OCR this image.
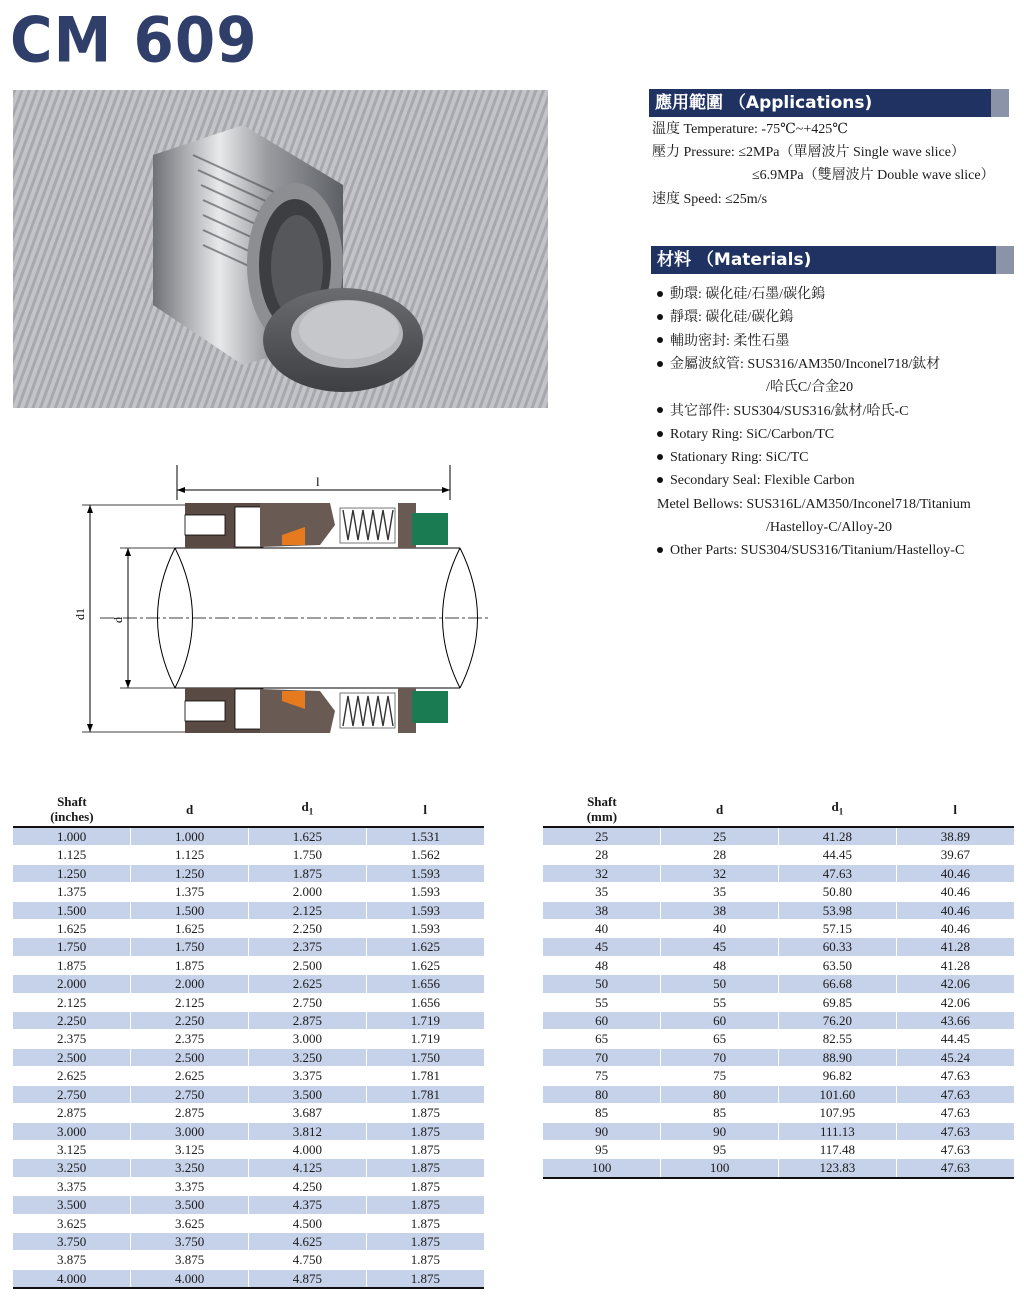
CM 609
應用範圍 （Applications)
溫度 Temperature: -75℃~+425℃
壓力 Pressure: ≤2MPa（單層波片 Single wave slice）
≤6.9MPa（雙層波片 Double wave slice）
速度 Speed: ≤25m/s
材料 （Materials)
動環: 碳化硅/石墨/碳化鎢
靜環: 碳化硅/碳化鎢
輔助密封: 柔性石墨
金屬波紋管: SUS316/AM350/Inconel718/鈦材
/哈氏C/合金20
其它部件: SUS304/SUS316/鈦材/哈氏-C
Rotary Ring: SiC/Carbon/TC
Stationary Ring: SiC/TC
Secondary Seal: Flexible Carbon
Metel Bellows: SUS316L/AM350/Inconel718/Titanium
/Hastelloy-C/Alloy-20
Other Parts: SUS304/SUS316/Titanium/Hastelloy-C
l
d1 d
Shaft
(inches)	d	$d_1$	l
1.000	1.000	1.625	1.531
1.125	1.125	1.750	1.562
1.250	1.250	1.875	1.593
1.375	1.375	2.000	1.593
1.500	1.500	2.125	1.593
1.625	1.625	2.250	1.593
1.750	1.750	2.375	1.625
1.875	1.875	2.500	1.625
2.000	2.000	2.625	1.656
2.125	2.125	2.750	1.656
2.250	2.250	2.875	1.719
2.375	2.375	3.000	1.719
2.500	2.500	3.250	1.750
2.625	2.625	3.375	1.781
2.750	2.750	3.500	1.781
2.875	2.875	3.687	1.875
3.000	3.000	3.812	1.875
3.125	3.125	4.000	1.875
3.250	3.250	4.125	1.875
3.375	3.375	4.250	1.875
3.500	3.500	4.375	1.875
3.625	3.625	4.500	1.875
3.750	3.750	4.625	1.875
3.875	3.875	4.750	1.875
4.000	4.000	4.875	1.875
Shaft
(mm)	d	$d_1$	l
25	25	41.28	38.89
28	28	44.45	39.67
32	32	47.63	40.46
35	35	50.80	40.46
38	38	53.98	40.46
40	40	57.15	40.46
45	45	60.33	41.28
48	48	63.50	41.28
50	50	66.68	42.06
55	55	69.85	42.06
60	60	76.20	43.66
65	65	82.55	44.45
70	70	88.90	45.24
75	75	96.82	47.63
80	80	101.60	47.63
85	85	107.95	47.63
90	90	111.13	47.63
95	95	117.48	47.63
100	100	123.83	47.63
